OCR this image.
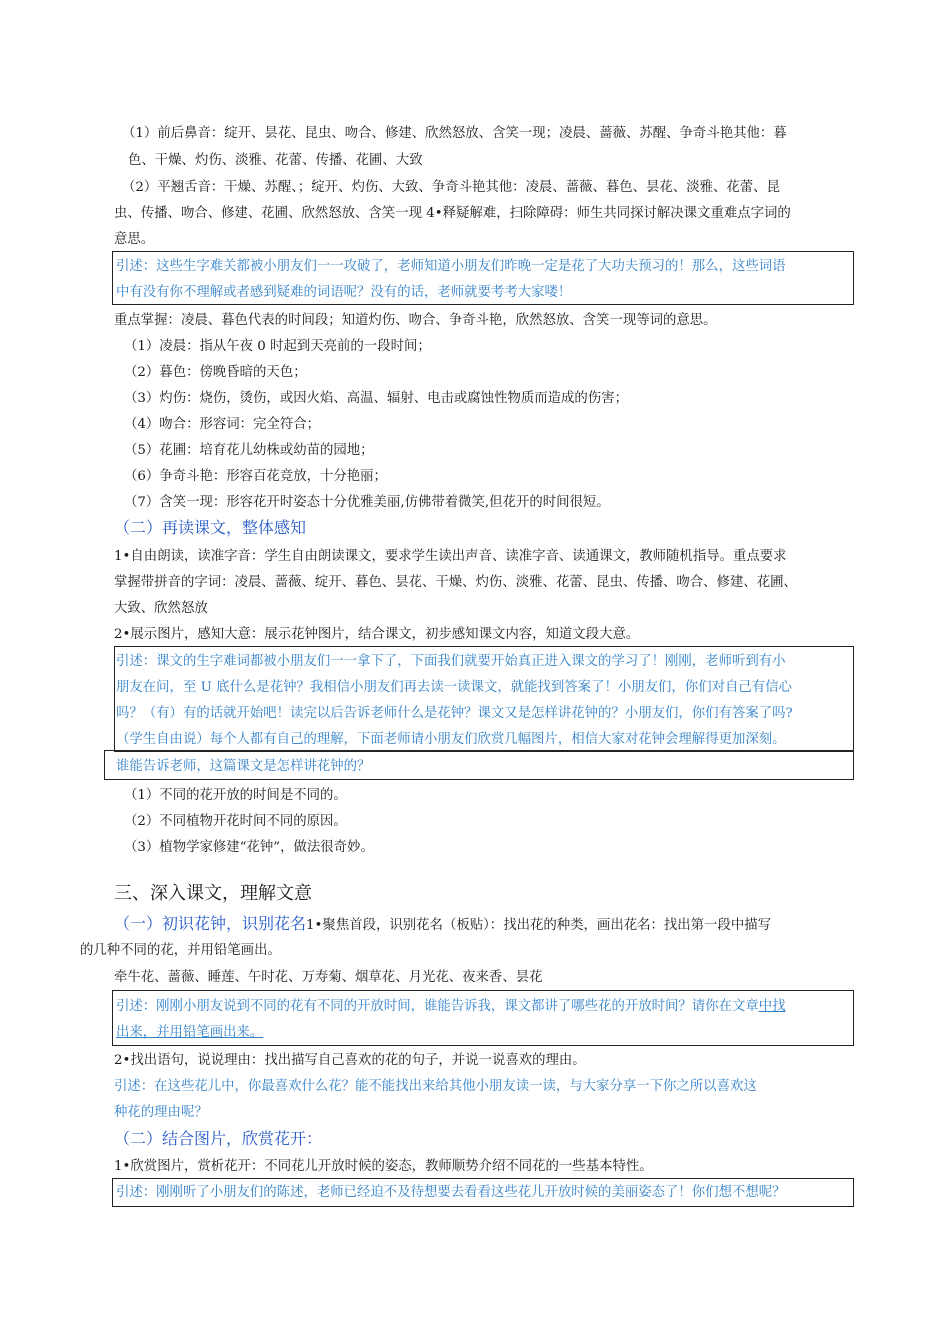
（1）前后鼻音：绽开、昙花、昆虫、吻合、修建、欣然怒放、含笑一现；凌晨、蔷薇、苏醒、争奇斗艳其他：暮
色、干燥、灼伤、淡雅、花蕾、传播、花圃、大致
（2）平翘舌音：干燥、苏醒、；绽开、灼伤、大致、争奇斗艳其他：凌晨、蔷薇、暮色、昙花、淡雅、花蕾、昆
虫、传播、吻合、修建、花圃、欣然怒放、含笑一现 4•释疑解难，扫除障碍：师生共同探讨解决课文重难点字词的
意思。
引述：这些生字难关都被小朋友们一一攻破了，老师知道小朋友们昨晚一定是花了大功夫预习的！那么，这些词语
中有没有你不理解或者感到疑难的词语呢？没有的话，老师就要考考大家喽！
重点掌握：凌晨、暮色代表的时间段；知道灼伤、吻合、争奇斗艳，欣然怒放、含笑一现等词的意思。
（1）凌晨：指从午夜 0 时起到天亮前的一段时间；
（2）暮色：傍晚昏暗的天色；
（3）灼伤：烧伤，烫伤，或因火焰、高温、辐射、电击或腐蚀性物质而造成的伤害；
（4）吻合：形容词：完全符合；
（5）花圃：培育花儿幼株或幼苗的园地；
（6）争奇斗艳：形容百花竞放，十分艳丽；
（7）含笑一现：形容花开时姿态十分优雅美丽,仿佛带着微笑,但花开的时间很短。
（二）再读课文，整体感知
1•自由朗读，读准字音：学生自由朗读课文，要求学生读出声音、读准字音、读通课文，教师随机指导。重点要求
掌握带拼音的字词：凌晨、蔷薇、绽开、暮色、昙花、干燥、灼伤、淡雅、花蕾、昆虫、传播、吻合、修建、花圃、
大致、欣然怒放
2•展示图片，感知大意：展示花钟图片，结合课文，初步感知课文内容，知道文段大意。
引述：课文的生字难词都被小朋友们一一拿下了，下面我们就要开始真正进入课文的学习了！刚刚，老师听到有小
朋友在问，至 U 底什么是花钟？我相信小朋友们再去读一读课文，就能找到答案了！小朋友们，你们对自己有信心
吗？（有）有的话就开始吧！读完以后告诉老师什么是花钟？课文又是怎样讲花钟的？小朋友们，你们有答案了吗?
（学生自由说）每个人都有自己的理解，下面老师请小朋友们欣赏几幅图片，相信大家对花钟会理解得更加深刻。
谁能告诉老师，这篇课文是怎样讲花钟的？
（1）不同的花开放的时间是不同的。
（2）不同植物开花时间不同的原因。
（3）植物学家修建“花钟”，做法很奇妙。
三、深入课文，理解文意
（一）初识花钟，识别花名1•聚焦首段，识别花名（板贴）：找出花的种类，画出花名：找出第一段中描写
的几种不同的花，并用铅笔画出。
牵牛花、蔷薇、睡莲、午时花、万寿菊、烟草花、月光花、夜来香、昙花
引述：刚刚小朋友说到不同的花有不同的开放时间，谁能告诉我，课文都讲了哪些花的开放时间？请你在文章中找
出来，并用铅笔画出来。
2•找出语句，说说理由：找出描写自己喜欢的花的句子，并说一说喜欢的理由。
引述：在这些花儿中，你最喜欢什么花？能不能找出来给其他小朋友读一读，与大家分享一下你之所以喜欢这
种花的理由呢？
（二）结合图片，欣赏花开：
1•欣赏图片，赏析花开：不同花儿开放时候的姿态，教师顺势介绍不同花的一些基本特性。
引述：刚刚听了小朋友们的陈述，老师已经迫不及待想要去看看这些花儿开放时候的美丽姿态了！你们想不想呢？
